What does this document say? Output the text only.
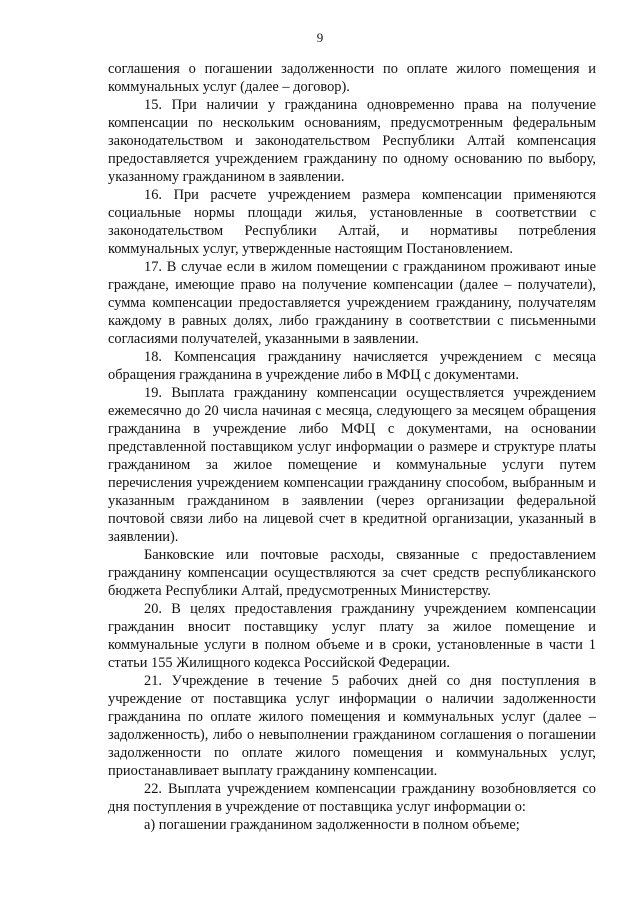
9

соглашения о погашении задолженности по оплате жилого помещения и коммунальных услуг (далее – договор).

15. При наличии у гражданина одновременно права на получение компенсации по нескольким основаниям, предусмотренным федеральным законодательством и законодательством Республики Алтай компенсация предоставляется учреждением гражданину по одному основанию по выбору, указанному гражданином в заявлении.

16. При расчете учреждением размера компенсации применяются социальные нормы площади жилья, установленные в соответствии с законодательством Республики Алтай, и нормативы потребления коммунальных услуг, утвержденные настоящим Постановлением.

17. В случае если в жилом помещении с гражданином проживают иные граждане, имеющие право на получение компенсации (далее – получатели), сумма компенсации предоставляется учреждением гражданину, получателям каждому в равных долях, либо гражданину в соответствии с письменными согласиями получателей, указанными в заявлении.

18. Компенсация гражданину начисляется учреждением с месяца обращения гражданина в учреждение либо в МФЦ с документами.

19. Выплата гражданину компенсации осуществляется учреждением ежемесячно до 20 числа начиная с месяца, следующего за месяцем обращения гражданина в учреждение либо МФЦ с документами, на основании представленной поставщиком услуг информации о размере и структуре платы гражданином за жилое помещение и коммунальные услуги путем перечисления учреждением компенсации гражданину способом, выбранным и указанным гражданином в заявлении (через организации федеральной почтовой связи либо на лицевой счет в кредитной организации, указанный в заявлении).

Банковские или почтовые расходы, связанные с предоставлением гражданину компенсации осуществляются за счет средств республиканского бюджета Республики Алтай, предусмотренных Министерству.

20. В целях предоставления гражданину учреждением компенсации гражданин вносит поставщику услуг плату за жилое помещение и коммунальные услуги в полном объеме и в сроки, установленные в части 1 статьи 155 Жилищного кодекса Российской Федерации.

21. Учреждение в течение 5 рабочих дней со дня поступления в учреждение от поставщика услуг информации о наличии задолженности гражданина по оплате жилого помещения и коммунальных услуг (далее – задолженность), либо о невыполнении гражданином соглашения о погашении задолженности по оплате жилого помещения и коммунальных услуг, приостанавливает выплату гражданину компенсации.

22. Выплата учреждением компенсации гражданину возобновляется со дня поступления в учреждение от поставщика услуг информации о:

а) погашении гражданином задолженности в полном объеме;
